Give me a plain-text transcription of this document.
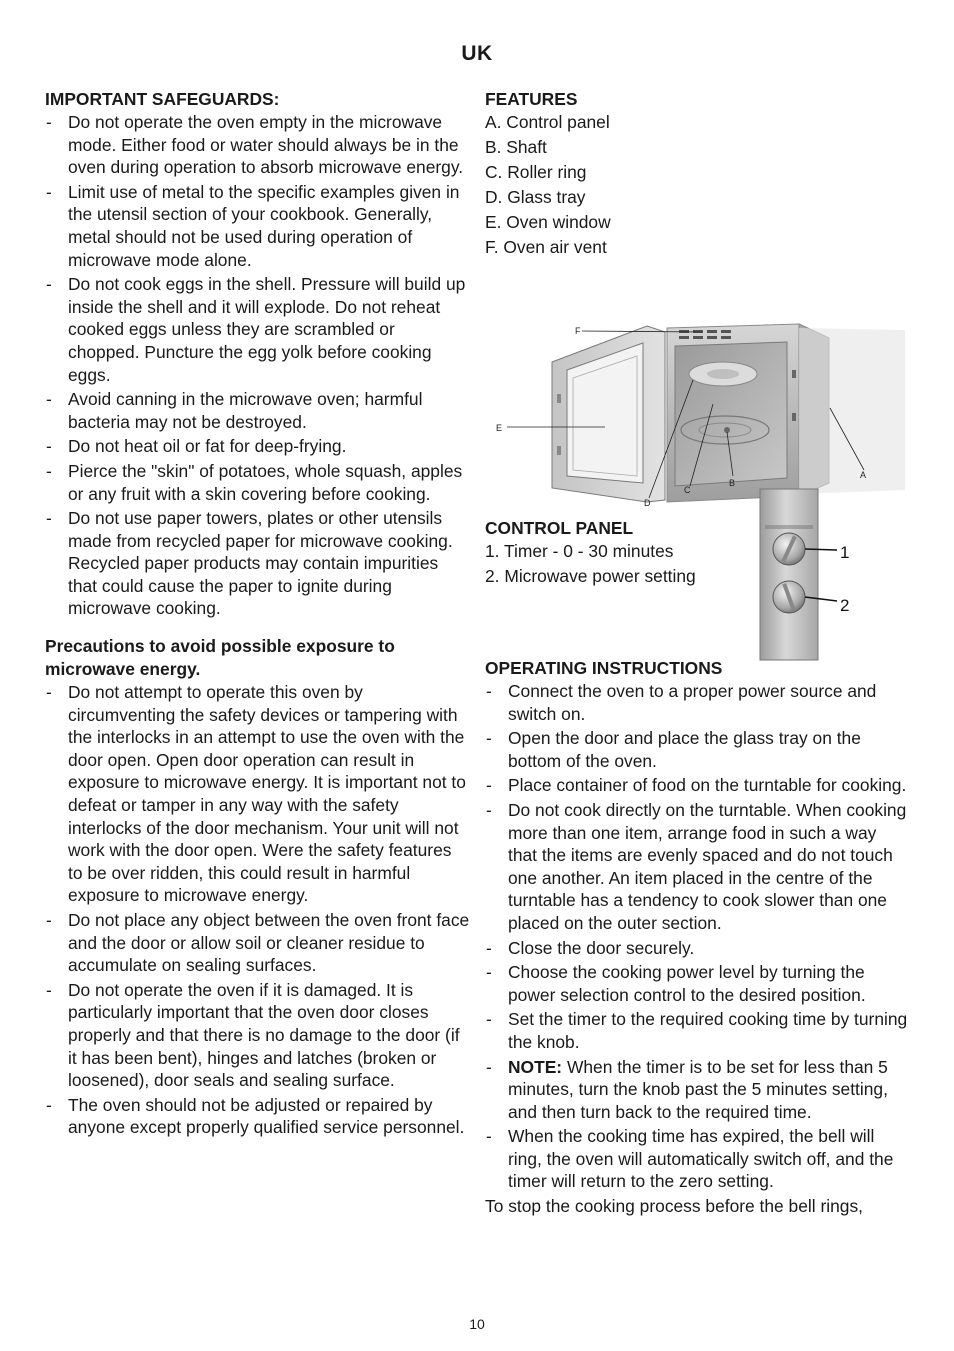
UK

IMPORTANT SAFEGUARDS:

- Do not operate the oven empty in the microwave mode. Either food or water should always be in the oven during operation to absorb microwave energy.
- Limit use of metal to the specific examples given in the utensil section of your cookbook. Generally, metal should not be used during operation of microwave mode alone.
- Do not cook eggs in the shell. Pressure will build up inside the shell and it will explode. Do not reheat cooked eggs unless they are scrambled or chopped. Puncture the egg yolk before cooking eggs.
- Avoid canning in the microwave oven; harmful bacteria may not be destroyed.
- Do not heat oil or fat for deep-frying.
- Pierce the "skin" of potatoes, whole squash, apples or any fruit with a skin covering before cooking.
- Do not use paper towers, plates or other utensils made from recycled paper for microwave cooking. Recycled paper products may contain impurities that could cause the paper to ignite during microwave cooking.

Precautions to avoid possible exposure to microwave energy.

- Do not attempt to operate this oven by circumventing the safety devices or tampering with the interlocks in an attempt to use the oven with the door open. Open door operation can result in exposure to microwave energy. It is important not to defeat or tamper in any way with the safety interlocks of the door mechanism. Your unit will not work with the door open. Were the safety features to be over ridden, this could result in harmful exposure to microwave energy.
- Do not place any object between the oven front face and the door or allow soil or cleaner residue to accumulate on sealing surfaces.
- Do not operate the oven if it is damaged. It is particularly important that the oven door closes properly and that there is no damage to the door (if it has been bent), hinges and latches (broken or loosened), door seals and sealing surface.
- The oven should not be adjusted or repaired by anyone except properly qualified service personnel.

FEATURES

A. Control panel
B. Shaft
C. Roller ring
D. Glass tray
E. Oven window
F. Oven air vent
F
E
D
C
B
A

CONTROL PANEL

1. Timer - 0 - 30 minutes
2. Microwave power setting
1
2

OPERATING INSTRUCTIONS

- Connect the oven to a proper power source and switch on.
- Open the door and place the glass tray on the bottom of the oven.
- Place container of food on the turntable for cooking.
- Do not cook directly on the turntable. When cooking more than one item, arrange food in such a way that the items are evenly spaced and do not touch one another. An item placed in the centre of the turntable has a tendency to cook slower than one placed on the outer section.
- Close the door securely.
- Choose the cooking power level by turning the power selection control to the desired position.
- Set the timer to the required cooking time by turning the knob.
- NOTE: When the timer is to be set for less than 5 minutes, turn the knob past the 5 minutes setting, and then turn back to the required time.
- When the cooking time has expired, the bell will ring, the oven will automatically switch off, and the timer will return to the zero setting.
To stop the cooking process before the bell rings,
10
